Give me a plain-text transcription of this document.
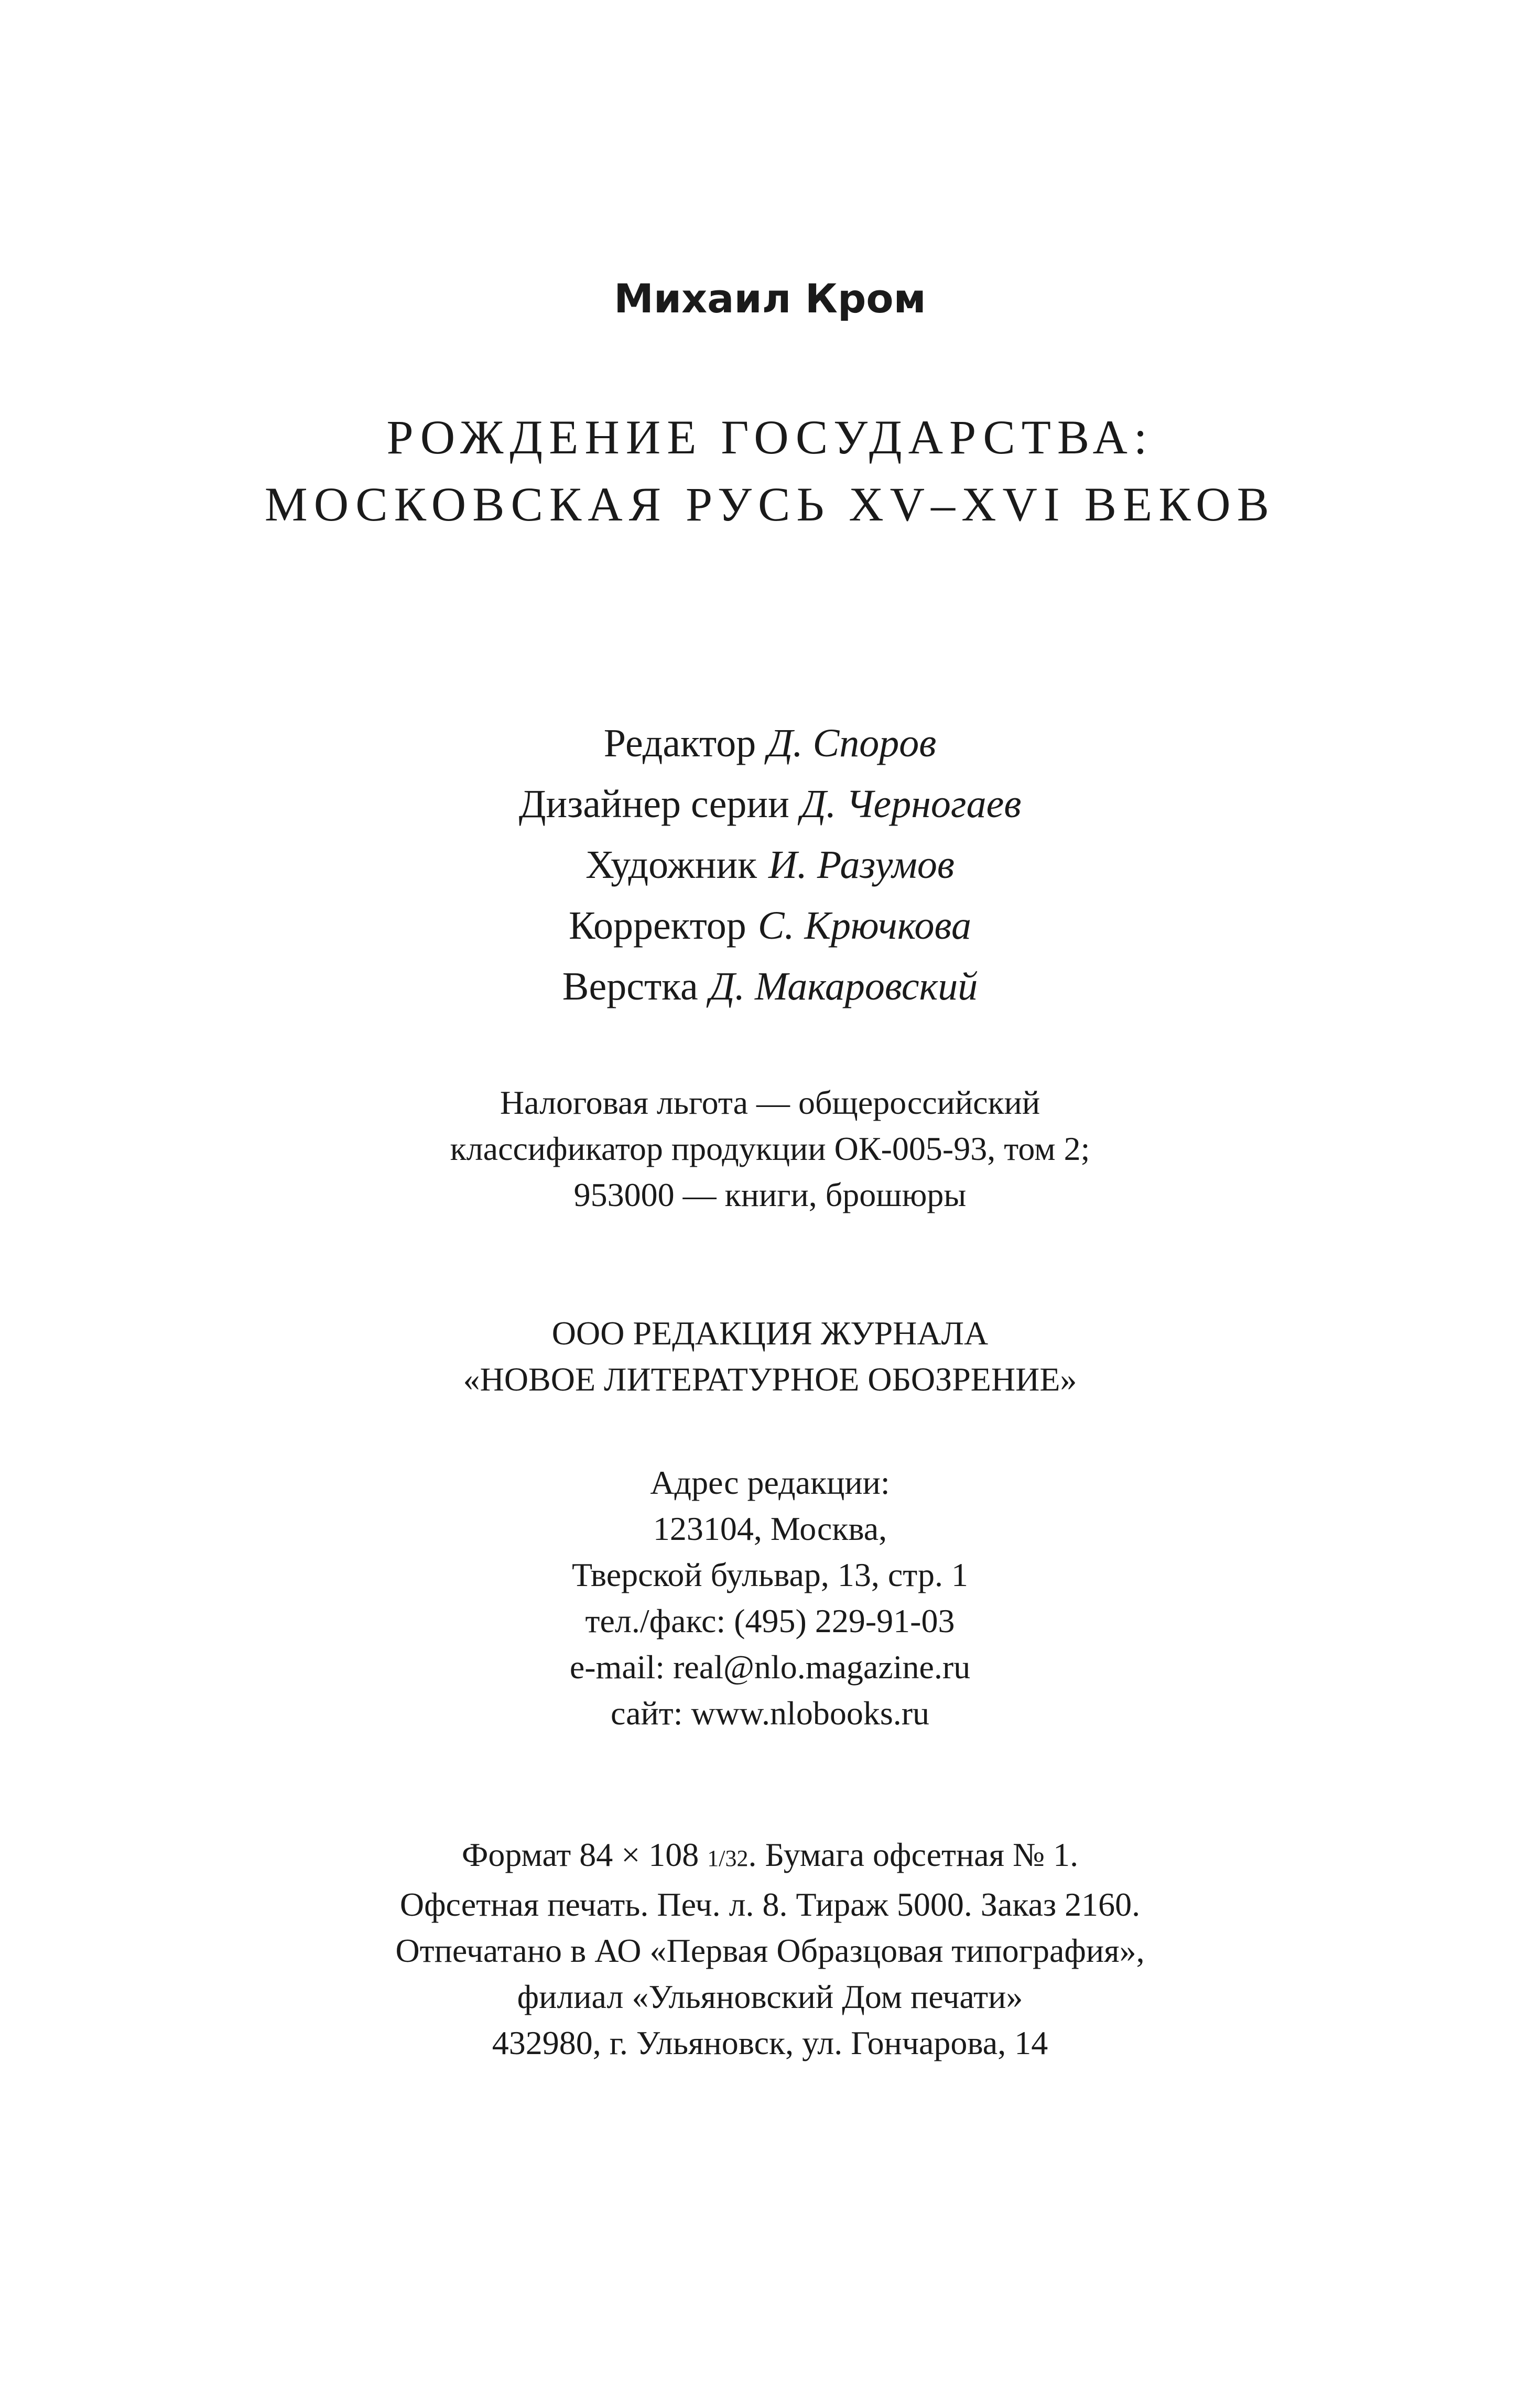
Михаил Кром
РОЖДЕНИЕ ГОСУДАРСТВА:
МОСКОВСКАЯ РУСЬ XV–XVI ВЕКОВ
Редактор Д. Споров
Дизайнер серии Д. Черногаев
Художник И. Разумов
Корректор С. Крючкова
Верстка Д. Макаровский
Налоговая льгота — общероссийский
классификатор продукции ОК-005-93, том 2;
953000 — книги, брошюры
ООО РЕДАКЦИЯ ЖУРНАЛА
«НОВОЕ ЛИТЕРАТУРНОЕ ОБОЗРЕНИЕ»
Адрес редакции:
123104, Москва,
Тверской бульвар, 13, стр. 1
тел./факс: (495) 229-91-03
e-mail: real@nlo.magazine.ru
сайт: www.nlobooks.ru
Формат 84 × 108 1/32. Бумага офсетная № 1.
Офсетная печать. Печ. л. 8. Тираж 5000. Заказ 2160.
Отпечатано в АО «Первая Образцовая типография»,
филиал «Ульяновский Дом печати»
432980, г. Ульяновск, ул. Гончарова, 14
